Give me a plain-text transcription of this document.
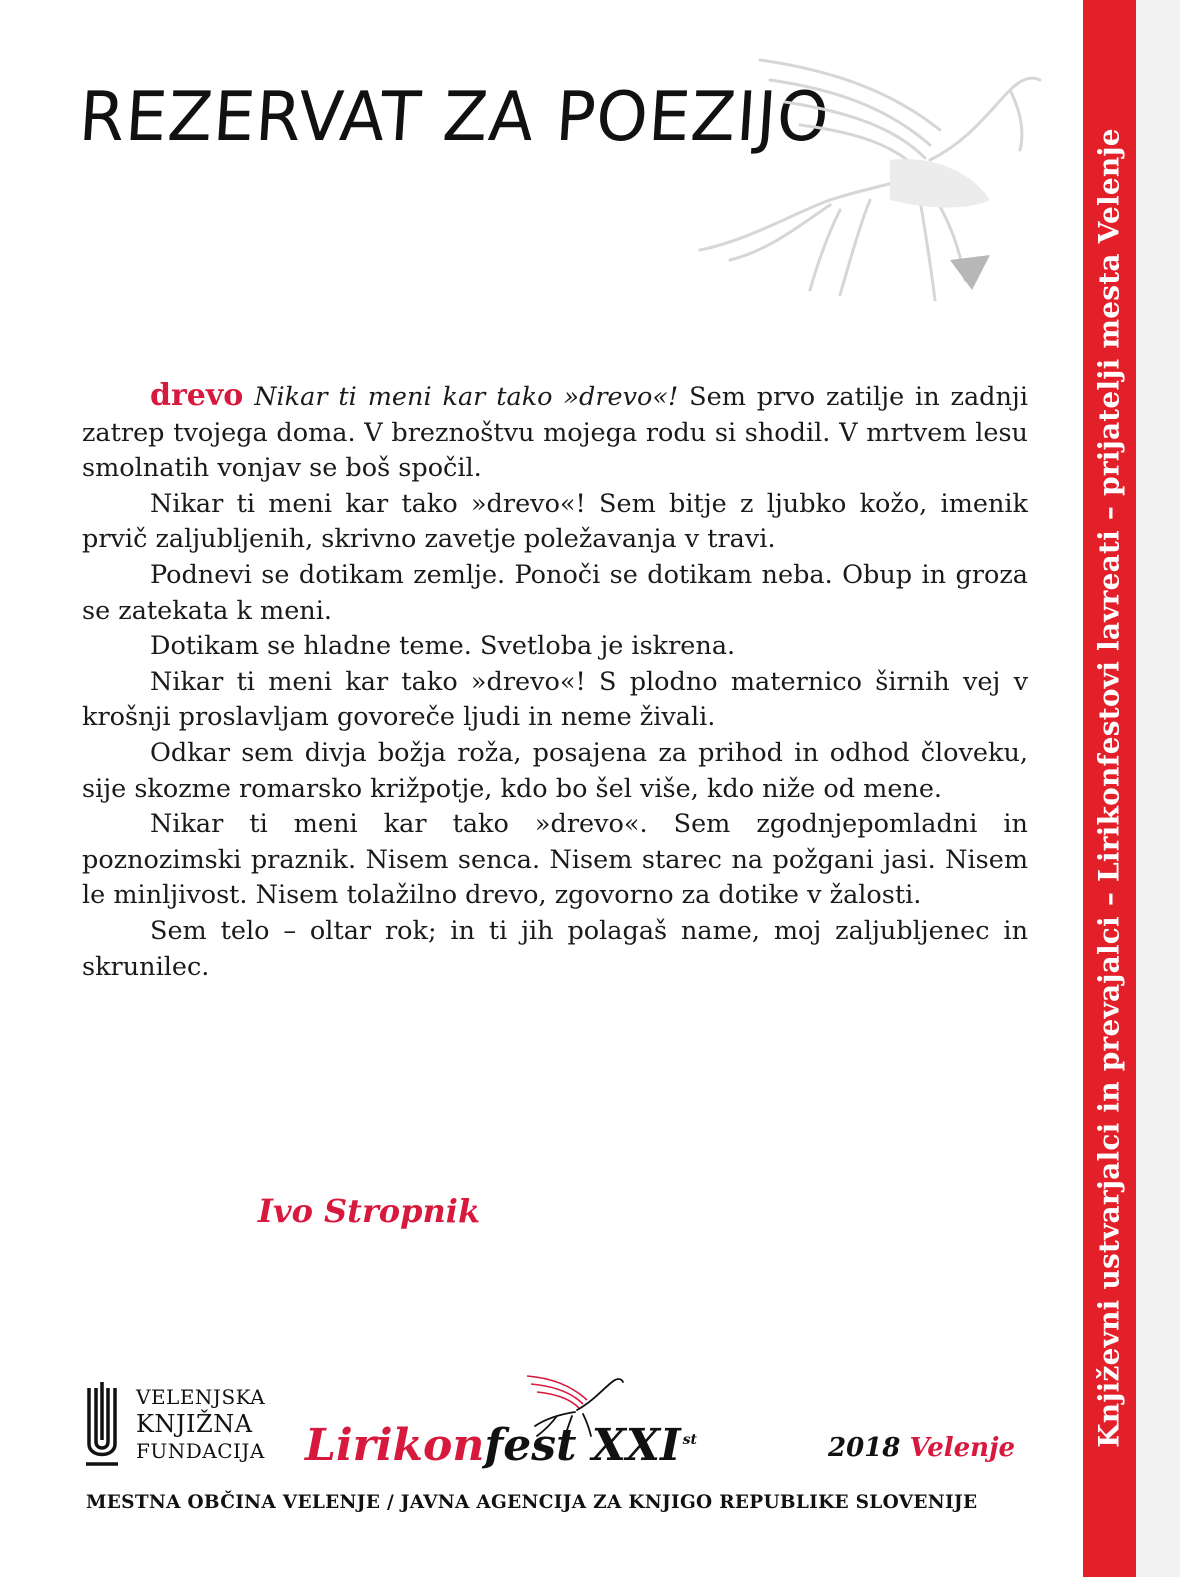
REZERVAT ZA POEZIJO

drevo Nikar ti meni kar tako »drevo«! Sem prvo zatilje in zadnji zatrep tvojega doma. V breznoštvu mojega rodu si shodil. V mrtvem lesu smolnatih vonjav se boš spočil.

Nikar ti meni kar tako »drevo«! Sem bitje z ljubko kožo, imenik prvič zaljubljenih, skrivno zavetje poležavanja v travi.

Podnevi se dotikam zemlje. Ponoči se dotikam neba. Obup in groza se zatekata k meni.

Dotikam se hladne teme. Svetloba je iskrena.

Nikar ti meni kar tako »drevo«! S plodno maternico širnih vej v krošnji proslavljam govoreče ljudi in neme živali.

Odkar sem divja božja roža, posajena za prihod in odhod človeku, sije skozme romarsko križpotje, kdo bo šel više, kdo niže od mene.

Nikar ti meni kar tako »drevo«. Sem zgodnjepomladni in poznozimski praznik. Nisem senca. Nisem starec na požgani jasi. Nisem le minljivost. Nisem tolažilno drevo, zgovorno za dotike v žalosti.

Sem telo – oltar rok; in ti jih polagaš name, moj zaljubljenec in skrunilec.

Ivo Stropnik
VELENJSKA
KNJIŽNA
FUNDACIJA Lirikonfest XXI $^{st}$	2018 Velenje
MESTNA OBČINA VELENJE / JAVNA AGENCIJA ZA KNJIGO REPUBLIKE SLOVENIJE
Književni ustvarjalci in prevajalci – Lirikonfestovi lavreati – prijatelji mesta Velenje
